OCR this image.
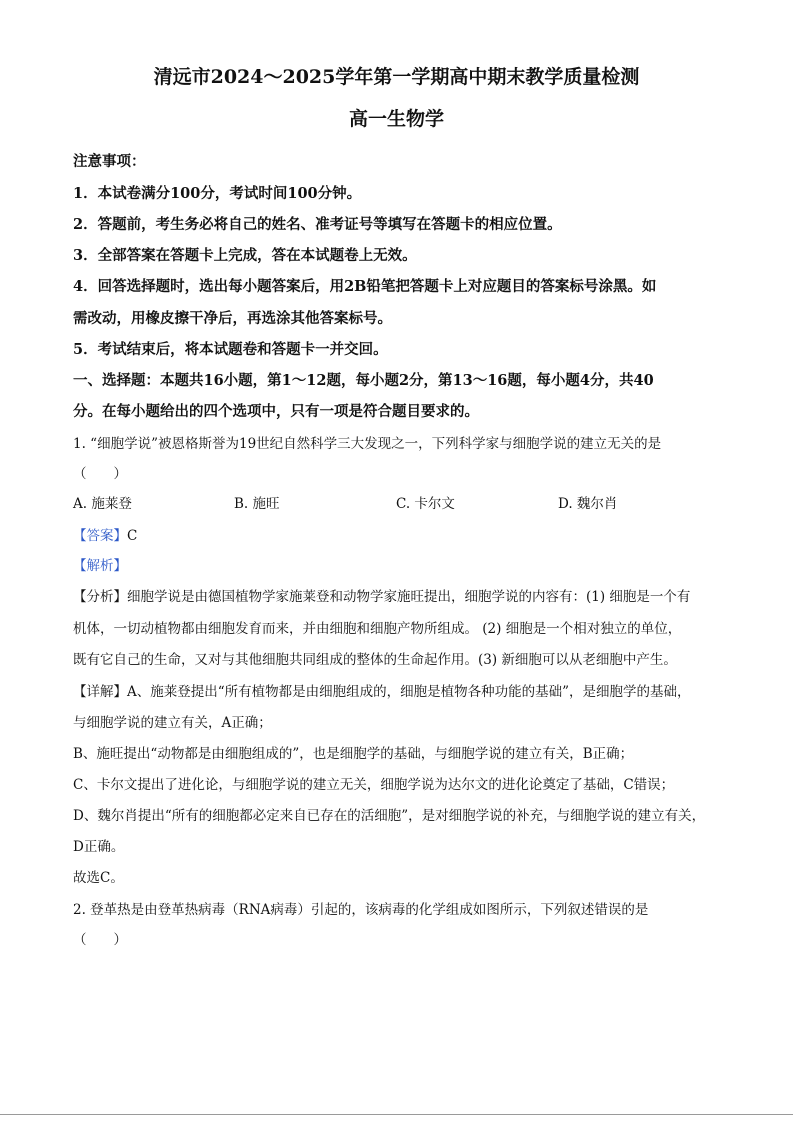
清远市2024～2025学年第一学期高中期末教学质量检测
高一生物学
注意事项：
1．本试卷满分100分，考试时间100分钟。
2．答题前，考生务必将自己的姓名、准考证号等填写在答题卡的相应位置。
3．全部答案在答题卡上完成，答在本试题卷上无效。
4．回答选择题时，选出每小题答案后，用2B铅笔把答题卡上对应题目的答案标号涂黑。如
需改动，用橡皮擦干净后，再选涂其他答案标号。
5．考试结束后，将本试题卷和答题卡一并交回。
一、选择题：本题共16小题，第1～12题，每小题2分，第13～16题，每小题4分，共40
分。在每小题给出的四个选项中，只有一项是符合题目要求的。
1. “细胞学说”被恩格斯誉为19世纪自然科学三大发现之一，下列科学家与细胞学说的建立无关的是
（　　）
A. 施莱登	B. 施旺	C. 卡尔文	D. 魏尔肖
【答案】C
【解析】
【分析】细胞学说是由德国植物学家施莱登和动物学家施旺提出，细胞学说的内容有：(1) 细胞是一个有
机体，一切动植物都由细胞发育而来，并由细胞和细胞产物所组成。 (2) 细胞是一个相对独立的单位，
既有它自己的生命，又对与其他细胞共同组成的整体的生命起作用。(3) 新细胞可以从老细胞中产生。
【详解】A、施莱登提出“所有植物都是由细胞组成的，细胞是植物各种功能的基础”，是细胞学的基础，
与细胞学说的建立有关，A正确；
B、施旺提出“动物都是由细胞组成的”，也是细胞学的基础，与细胞学说的建立有关，B正确；
C、卡尔文提出了进化论，与细胞学说的建立无关，细胞学说为达尔文的进化论奠定了基础，C错误；
D、魏尔肖提出“所有的细胞都必定来自已存在的活细胞”，是对细胞学说的补充，与细胞学说的建立有关，
D正确。
故选C。
2. 登革热是由登革热病毒（RNA病毒）引起的，该病毒的化学组成如图所示，下列叙述错误的是
（　　）
